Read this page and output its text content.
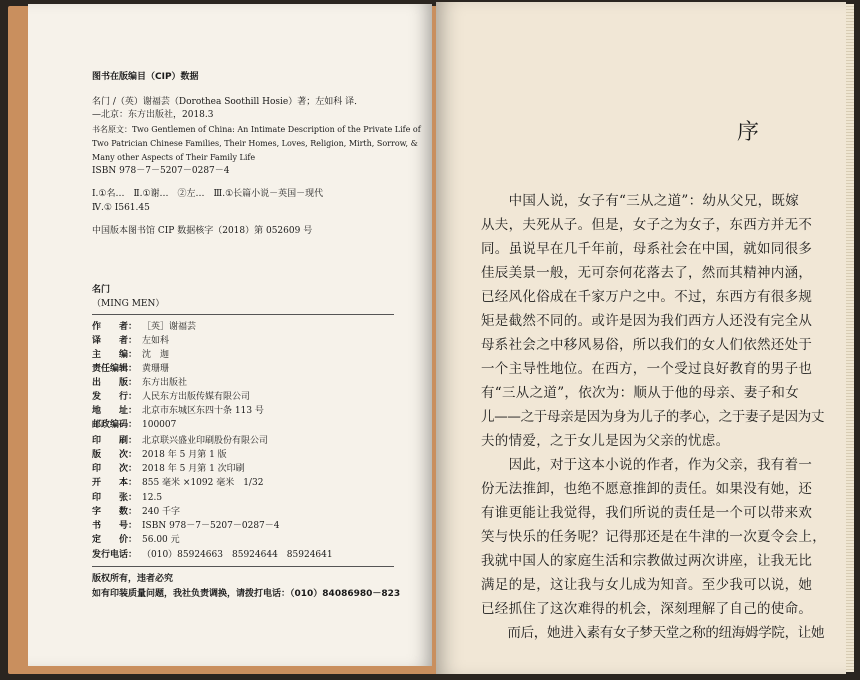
图书在版编目（CIP）数据
名门 /（英）谢福芸（Dorothea Soothill Hosie）著；左如科 译．
—北京：东方出版社，2018.3
书名原文：Two Gentlemen of China: An Intimate Description of the Private Life of
Two Patrician Chinese Families, Their Homes, Loves, Religion, Mirth, Sorrow, &
Many other Aspects of Their Family Life
ISBN 978－7－5207－0287－4
Ⅰ.①名…　Ⅱ.①谢…　②左…　Ⅲ.①长篇小说－英国－现代
Ⅳ.① I561.45
中国版本图书馆 CIP 数据核字（2018）第 052609 号
名门
（MING MEN）
作　　者： ［英］谢福芸
译　　者： 左如科
主　　编： 沈　迦
责任编辑： 黄珊珊
出　　版： 东方出版社
发　　行： 人民东方出版传媒有限公司
地　　址： 北京市东城区东四十条 113 号
邮政编码： 100007
印　　刷： 北京联兴盛业印刷股份有限公司
版　　次： 2018 年 5 月第 1 版
印　　次： 2018 年 5 月第 1 次印刷
开　　本： 855 毫米 ×1092 毫米　1/32
印　　张： 12.5
字　　数： 240 千字
书　　号： ISBN 978－7－5207－0287－4
定　　价： 56.00 元
发行电话： （010）85924663　85924644　85924641
版权所有，违者必究
如有印装质量问题，我社负责调换，请拨打电话：（010）84086980－823
序
　　中国人说，女子有“三从之道”：幼从父兄，既嫁
从夫，夫死从子。但是，女子之为女子，东西方并无不
同。虽说早在几千年前，母系社会在中国，就如同很多
佳辰美景一般，无可奈何花落去了，然而其精神内涵，
已经风化俗成在千家万户之中。不过，东西方有很多规
矩是截然不同的。或许是因为我们西方人还没有完全从
母系社会之中移风易俗，所以我们的女人们依然还处于
一个主导性地位。在西方，一个受过良好教育的男子也
有“三从之道”，依次为：顺从于他的母亲、妻子和女
儿——之于母亲是因为身为儿子的孝心，之于妻子是因为丈
夫的情爱，之于女儿是因为父亲的忧虑。
　　因此，对于这本小说的作者，作为父亲，我有着一
份无法推卸，也绝不愿意推卸的责任。如果没有她，还
有谁更能让我觉得，我们所说的责任是一个可以带来欢
笑与快乐的任务呢？记得那还是在牛津的一次夏令会上，
我就中国人的家庭生活和宗教做过两次讲座，让我无比
满足的是，这让我与女儿成为知音。至少我可以说，她
已经抓住了这次难得的机会，深刻理解了自己的使命。
　　而后，她进入素有女子梦天堂之称的纽海姆学院，让她
